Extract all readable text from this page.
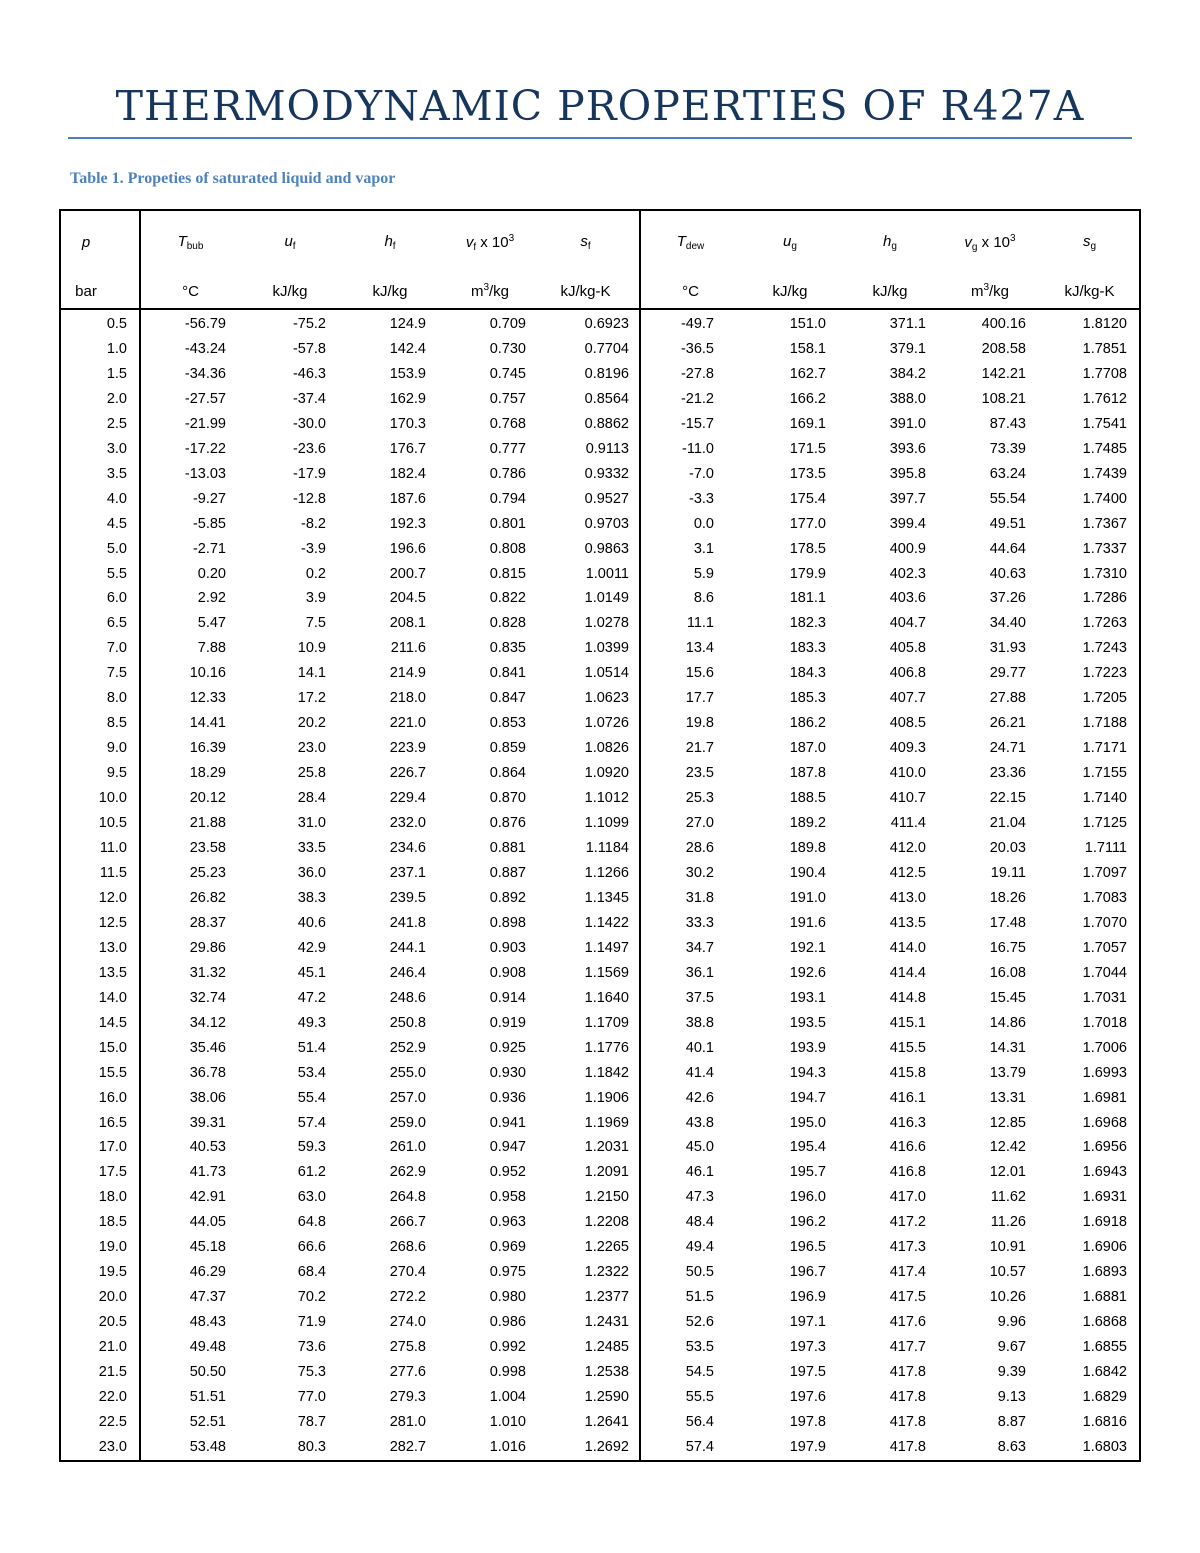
THERMODYNAMIC PROPERTIES OF R427A
Table 1. Propeties of saturated liquid and vapor
p	$T_{bub}$	$u_f$	$h_f$	$v_f$ x $10^3$	$s_f$	$T_{dew}$	$u_g$	$h_g$	$v_g$ x $10^3$	$s_g$
bar	°C	kJ/kg	kJ/kg	$m^3/kg$	kJ/kg-K	°C	kJ/kg	kJ/kg	$m^3/kg$	kJ/kg-K
0.5	-56.79	-75.2	124.9	0.709	0.6923	-49.7	151.0	371.1	400.16	1.8120
1.0	-43.24	-57.8	142.4	0.730	0.7704	-36.5	158.1	379.1	208.58	1.7851
1.5	-34.36	-46.3	153.9	0.745	0.8196	-27.8	162.7	384.2	142.21	1.7708
2.0	-27.57	-37.4	162.9	0.757	0.8564	-21.2	166.2	388.0	108.21	1.7612
2.5	-21.99	-30.0	170.3	0.768	0.8862	-15.7	169.1	391.0	87.43	1.7541
3.0	-17.22	-23.6	176.7	0.777	0.9113	-11.0	171.5	393.6	73.39	1.7485
3.5	-13.03	-17.9	182.4	0.786	0.9332	-7.0	173.5	395.8	63.24	1.7439
4.0	-9.27	-12.8	187.6	0.794	0.9527	-3.3	175.4	397.7	55.54	1.7400
4.5	-5.85	-8.2	192.3	0.801	0.9703	0.0	177.0	399.4	49.51	1.7367
5.0	-2.71	-3.9	196.6	0.808	0.9863	3.1	178.5	400.9	44.64	1.7337
5.5	0.20	0.2	200.7	0.815	1.0011	5.9	179.9	402.3	40.63	1.7310
6.0	2.92	3.9	204.5	0.822	1.0149	8.6	181.1	403.6	37.26	1.7286
6.5	5.47	7.5	208.1	0.828	1.0278	11.1	182.3	404.7	34.40	1.7263
7.0	7.88	10.9	211.6	0.835	1.0399	13.4	183.3	405.8	31.93	1.7243
7.5	10.16	14.1	214.9	0.841	1.0514	15.6	184.3	406.8	29.77	1.7223
8.0	12.33	17.2	218.0	0.847	1.0623	17.7	185.3	407.7	27.88	1.7205
8.5	14.41	20.2	221.0	0.853	1.0726	19.8	186.2	408.5	26.21	1.7188
9.0	16.39	23.0	223.9	0.859	1.0826	21.7	187.0	409.3	24.71	1.7171
9.5	18.29	25.8	226.7	0.864	1.0920	23.5	187.8	410.0	23.36	1.7155
10.0	20.12	28.4	229.4	0.870	1.1012	25.3	188.5	410.7	22.15	1.7140
10.5	21.88	31.0	232.0	0.876	1.1099	27.0	189.2	411.4	21.04	1.7125
11.0	23.58	33.5	234.6	0.881	1.1184	28.6	189.8	412.0	20.03	1.7111
11.5	25.23	36.0	237.1	0.887	1.1266	30.2	190.4	412.5	19.11	1.7097
12.0	26.82	38.3	239.5	0.892	1.1345	31.8	191.0	413.0	18.26	1.7083
12.5	28.37	40.6	241.8	0.898	1.1422	33.3	191.6	413.5	17.48	1.7070
13.0	29.86	42.9	244.1	0.903	1.1497	34.7	192.1	414.0	16.75	1.7057
13.5	31.32	45.1	246.4	0.908	1.1569	36.1	192.6	414.4	16.08	1.7044
14.0	32.74	47.2	248.6	0.914	1.1640	37.5	193.1	414.8	15.45	1.7031
14.5	34.12	49.3	250.8	0.919	1.1709	38.8	193.5	415.1	14.86	1.7018
15.0	35.46	51.4	252.9	0.925	1.1776	40.1	193.9	415.5	14.31	1.7006
15.5	36.78	53.4	255.0	0.930	1.1842	41.4	194.3	415.8	13.79	1.6993
16.0	38.06	55.4	257.0	0.936	1.1906	42.6	194.7	416.1	13.31	1.6981
16.5	39.31	57.4	259.0	0.941	1.1969	43.8	195.0	416.3	12.85	1.6968
17.0	40.53	59.3	261.0	0.947	1.2031	45.0	195.4	416.6	12.42	1.6956
17.5	41.73	61.2	262.9	0.952	1.2091	46.1	195.7	416.8	12.01	1.6943
18.0	42.91	63.0	264.8	0.958	1.2150	47.3	196.0	417.0	11.62	1.6931
18.5	44.05	64.8	266.7	0.963	1.2208	48.4	196.2	417.2	11.26	1.6918
19.0	45.18	66.6	268.6	0.969	1.2265	49.4	196.5	417.3	10.91	1.6906
19.5	46.29	68.4	270.4	0.975	1.2322	50.5	196.7	417.4	10.57	1.6893
20.0	47.37	70.2	272.2	0.980	1.2377	51.5	196.9	417.5	10.26	1.6881
20.5	48.43	71.9	274.0	0.986	1.2431	52.6	197.1	417.6	9.96	1.6868
21.0	49.48	73.6	275.8	0.992	1.2485	53.5	197.3	417.7	9.67	1.6855
21.5	50.50	75.3	277.6	0.998	1.2538	54.5	197.5	417.8	9.39	1.6842
22.0	51.51	77.0	279.3	1.004	1.2590	55.5	197.6	417.8	9.13	1.6829
22.5	52.51	78.7	281.0	1.010	1.2641	56.4	197.8	417.8	8.87	1.6816
23.0	53.48	80.3	282.7	1.016	1.2692	57.4	197.9	417.8	8.63	1.6803
